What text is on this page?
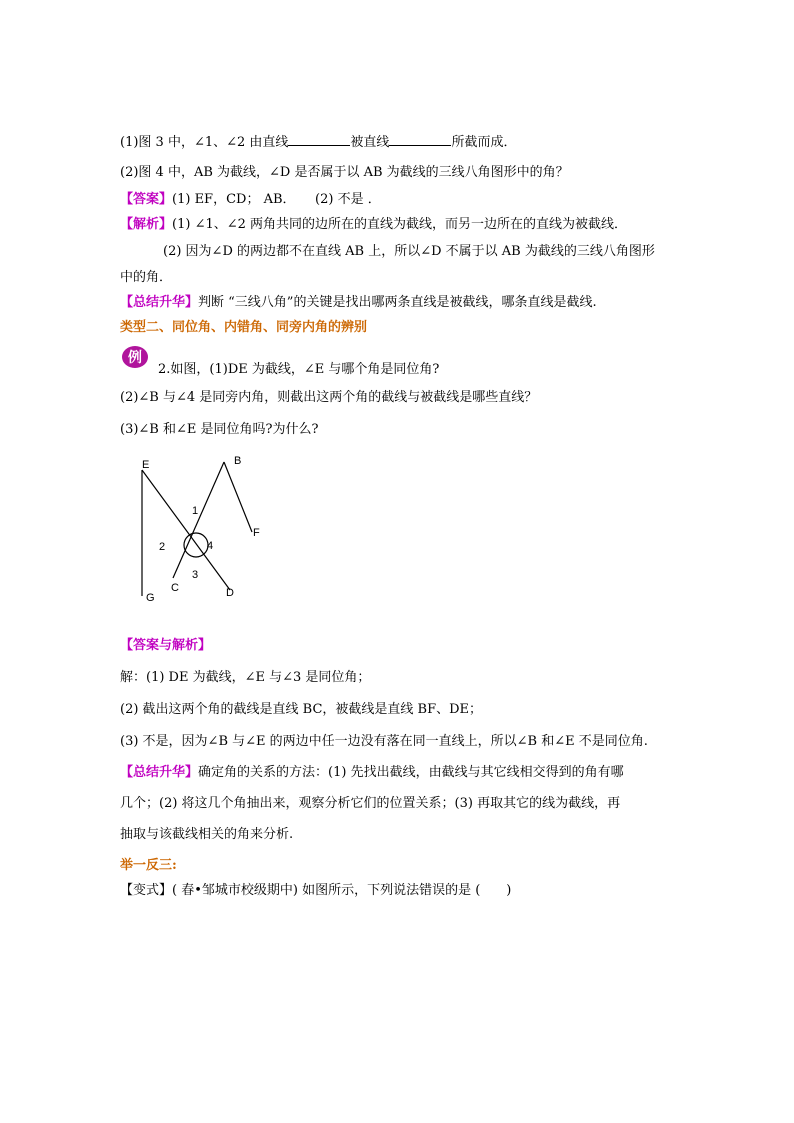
(1)图 3 中，∠1、∠2 由直线	被直线	所截而成．
(2)图 4 中，AB 为截线，∠D 是否属于以 AB 为截线的三线八角图形中的角？
【答案】(1) EF，CD； AB．　　(2) 不是 ．
【解析】(1) ∠1、∠2 两角共同的边所在的直线为截线，而另一边所在的直线为被截线．
(2) 因为∠D 的两边都不在直线 AB 上，所以∠D 不属于以 AB 为截线的三线八角图形
中的角．
【总结升华】判断 “三线八角”的关键是找出哪两条直线是被截线，哪条直线是截线.
类型二、同位角、内错角、同旁内角的辨别
例
2.如图，(1)DE 为截线，∠E 与哪个角是同位角?
(2)∠B 与∠4 是同旁内角，则截出这两个角的截线与被截线是哪些直线？
(3)∠B 和∠E 是同位角吗?为什么?
E	B
F
1
2	4
3
C	D
G
【答案与解析】
解：(1) DE 为截线，∠E 与∠3 是同位角；
(2) 截出这两个角的截线是直线 BC，被截线是直线 BF、DE；
(3) 不是，因为∠B 与∠E 的两边中任一边没有落在同一直线上，所以∠B 和∠E 不是同位角.
【总结升华】确定角的关系的方法：(1) 先找出截线，由截线与其它线相交得到的角有哪
几个；(2) 将这几个角抽出来，观察分析它们的位置关系；(3) 再取其它的线为截线，再
抽取与该截线相关的角来分析.
举一反三:
【变式】( 春•邹城市校级期中) 如图所示，下列说法错误的是 (　　)
